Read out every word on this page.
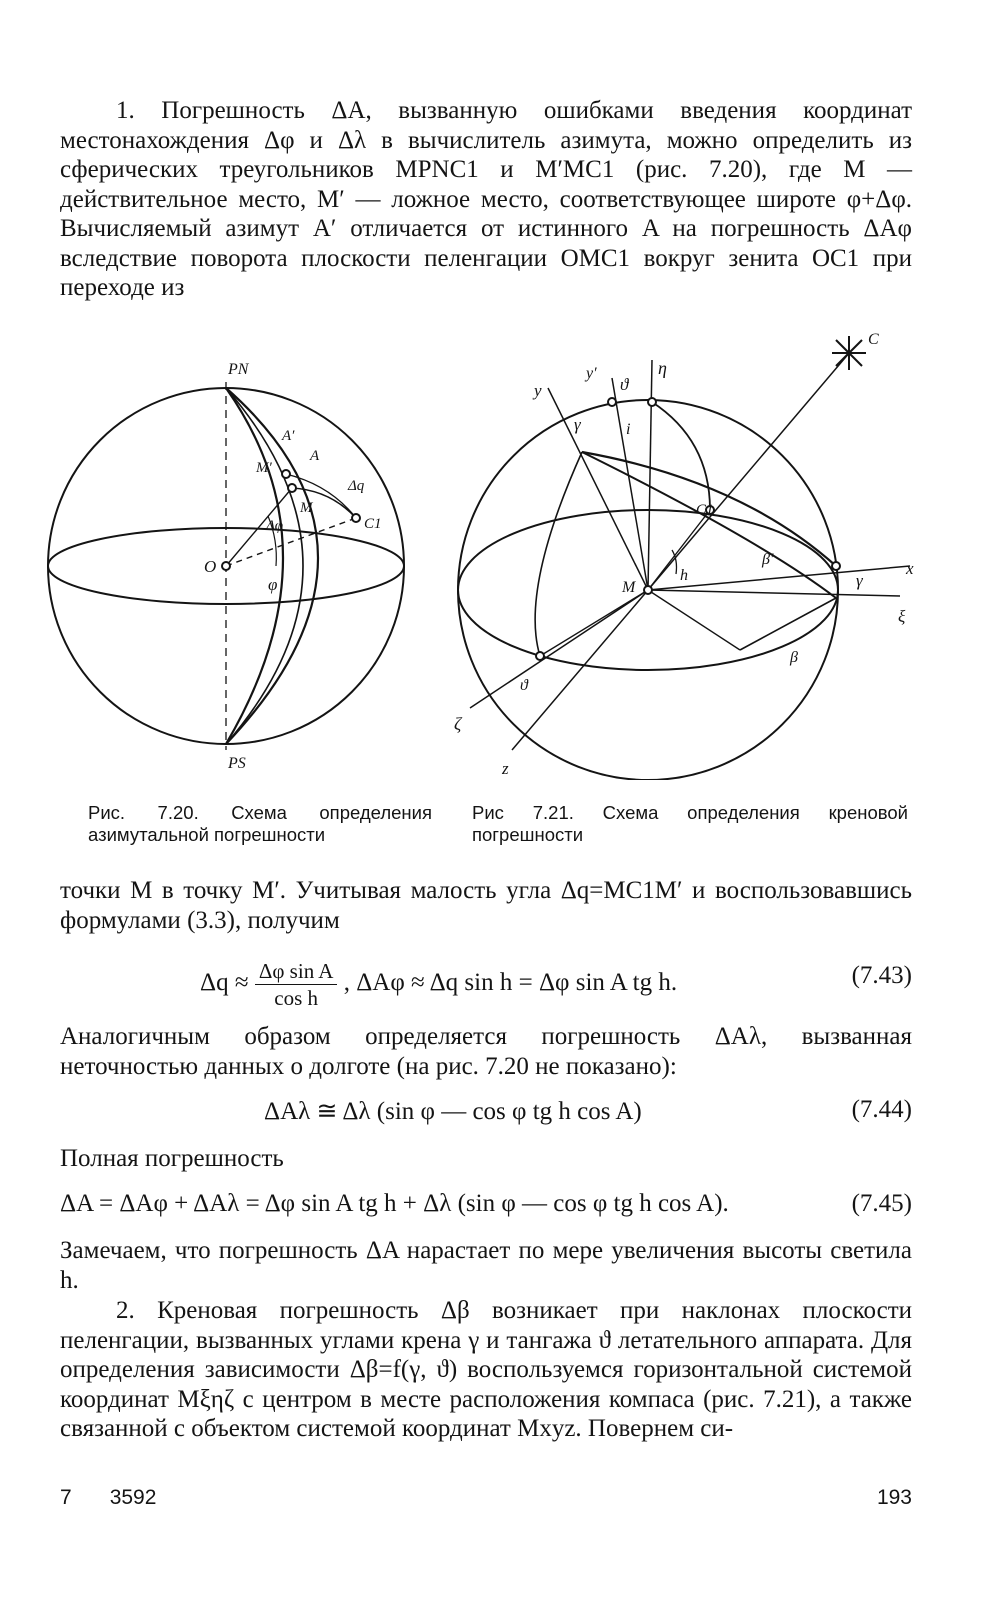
1. Погрешность ΔA, вызванную ошибками введения координат местонахождения Δφ и Δλ в вычислитель азимута, можно определить из сферических треугольников MPNC1 и M′MC1 (рис. 7.20), где M — действительное место, M′ — ложное место, соответствующее широте φ+Δφ. Вычисляемый азимут A′ отличается от истинного A на погрешность ΔAφ вследствие поворота плоскости пеленгации OMC1 вокруг зенита OC1 при переходе из
PN
PS
O
φ
Δφ
M
M′
A′
A
Δq
C1
C
y
y′
ϑ
η
γ	i
C1
M
h
β′	x
ξ
γ
β
ϑ
ζ
z
Рис. 7.20. Схема определения азимутальной погрешности
Рис 7.21. Схема определения креновой погрешности
точки M в точку M′. Учитывая малость угла Δq=MC1M′ и воспользовавшись формулами (3.3), получим
$\Delta q \approx \frac{\text{Δφ sin A}}{\text{cos h}}$ , ΔAφ ≈ Δq sin h = Δφ sin A tg h.	(7.43)
Аналогичным образом определяется погрешность ΔAλ, вызванная неточностью данных о долготе (на рис. 7.20 не показано):
ΔAλ ≅ Δλ (sin φ — cos φ tg h cos A)	(7.44)
Полная погрешность
ΔA = ΔAφ + ΔAλ = Δφ sin A tg h + Δλ (sin φ — cos φ tg h cos A).	(7.45)
Замечаем, что погрешность ΔA нарастает по мере увеличения высоты светила h.
2. Креновая погрешность Δβ возникает при наклонах плоскости пеленгации, вызванных углами крена γ и тангажа ϑ летательного аппарата. Для определения зависимости Δβ=f(γ, ϑ) воспользуемся горизонтальной системой координат Mξηζ с центром в месте расположения компаса (рис. 7.21), а также связанной с объектом системой координат Mxyz. Повернем си-
7 3592	193
